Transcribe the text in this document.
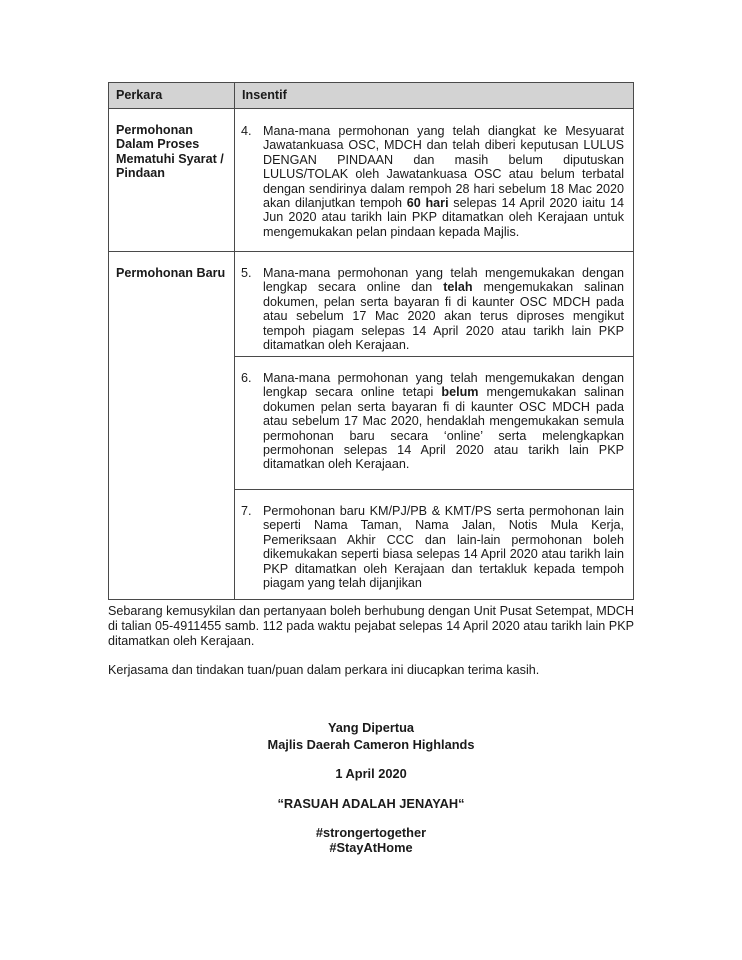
Perkara	Insentif
Permohonan Dalam Proses Mematuhi Syarat / Pindaan	4. Mana-mana permohonan yang telah diangkat ke Mesyuarat Jawatankuasa OSC, MDCH dan telah diberi keputusan LULUS DENGAN PINDAAN dan masih belum diputuskan LULUS/TOLAK oleh Jawatankuasa OSC atau belum terbatal dengan sendirinya dalam rempoh 28 hari sebelum 18 Mac 2020 akan dilanjutkan tempoh 60 hari selepas 14 April 2020 iaitu 14 Jun 2020 atau tarikh lain PKP ditamatkan oleh Kerajaan untuk mengemukakan pelan pindaan kepada Majlis.

Permohonan Baru	5. Mana-mana permohonan yang telah mengemukakan dengan lengkap secara online dan telah mengemukakan salinan dokumen, pelan serta bayaran fi di kaunter OSC MDCH pada atau sebelum 17 Mac 2020 akan terus diproses mengikut tempoh piagam selepas 14 April 2020 atau tarikh lain PKP ditamatkan oleh Kerajaan.

	6. Mana-mana permohonan yang telah mengemukakan dengan lengkap secara online tetapi belum mengemukakan salinan dokumen pelan serta bayaran fi di kaunter OSC MDCH pada atau sebelum 17 Mac 2020, hendaklah mengemukakan semula permohonan baru secara ‘online’ serta melengkapkan permohonan selepas 14 April 2020 atau tarikh lain PKP ditamatkan oleh Kerajaan.

	7. Permohonan baru KM/PJ/PB & KMT/PS serta permohonan lain seperti Nama Taman, Nama Jalan, Notis Mula Kerja, Pemeriksaan Akhir CCC dan lain-lain permohonan boleh dikemukakan seperti biasa selepas 14 April 2020 atau tarikh lain PKP ditamatkan oleh Kerajaan dan tertakluk kepada tempoh piagam yang telah dijanjikan

Sebarang kemusykilan dan pertanyaan boleh berhubung dengan Unit Pusat Setempat, MDCH di talian 05-4911455 samb. 112 pada waktu pejabat selepas 14 April 2020 atau tarikh lain PKP ditamatkan oleh Kerajaan.

Kerjasama dan tindakan tuan/puan dalam perkara ini diucapkan terima kasih.

Yang Dipertua

Majlis Daerah Cameron Highlands

1 April 2020

“RASUAH ADALAH JENAYAH“

#strongertogether

#StayAtHome
